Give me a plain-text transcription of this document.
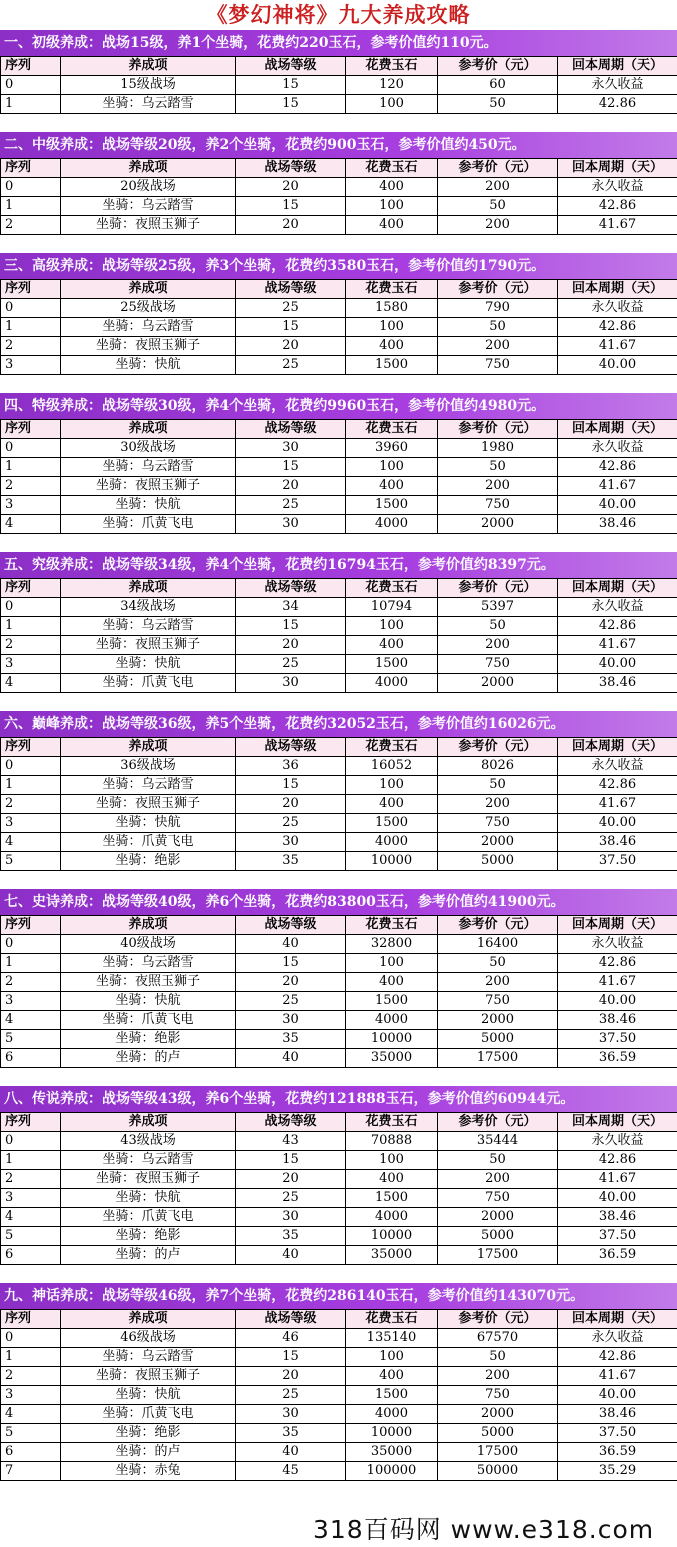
《梦幻神将》九大养成攻略
一、初级养成：战场15级，养1个坐骑，花费约220玉石，参考价值约110元。
序列	养成项	战场等级	花费玉石	参考价（元）	回本周期（天）
0	15级战场	15	120	60	永久收益
1	坐骑：乌云踏雪	15	100	50	42.86
二、中级养成：战场等级20级，养2个坐骑，花费约900玉石，参考价值约450元。
序列	养成项	战场等级	花费玉石	参考价（元）	回本周期（天）
0	20级战场	20	400	200	永久收益
1	坐骑：乌云踏雪	15	100	50	42.86
2	坐骑：夜照玉狮子	20	400	200	41.67
三、高级养成：战场等级25级，养3个坐骑，花费约3580玉石，参考价值约1790元。
序列	养成项	战场等级	花费玉石	参考价（元）	回本周期（天）
0	25级战场	25	1580	790	永久收益
1	坐骑：乌云踏雪	15	100	50	42.86
2	坐骑：夜照玉狮子	20	400	200	41.67
3	坐骑：快航	25	1500	750	40.00
四、特级养成：战场等级30级，养4个坐骑，花费约9960玉石，参考价值约4980元。
序列	养成项	战场等级	花费玉石	参考价（元）	回本周期（天）
0	30级战场	30	3960	1980	永久收益
1	坐骑：乌云踏雪	15	100	50	42.86
2	坐骑：夜照玉狮子	20	400	200	41.67
3	坐骑：快航	25	1500	750	40.00
4	坐骑：爪黄飞电	30	4000	2000	38.46
五、究级养成：战场等级34级，养4个坐骑，花费约16794玉石，参考价值约8397元。
序列	养成项	战场等级	花费玉石	参考价（元）	回本周期（天）
0	34级战场	34	10794	5397	永久收益
1	坐骑：乌云踏雪	15	100	50	42.86
2	坐骑：夜照玉狮子	20	400	200	41.67
3	坐骑：快航	25	1500	750	40.00
4	坐骑：爪黄飞电	30	4000	2000	38.46
六、巅峰养成：战场等级36级，养5个坐骑，花费约32052玉石，参考价值约16026元。
序列	养成项	战场等级	花费玉石	参考价（元）	回本周期（天）
0	36级战场	36	16052	8026	永久收益
1	坐骑：乌云踏雪	15	100	50	42.86
2	坐骑：夜照玉狮子	20	400	200	41.67
3	坐骑：快航	25	1500	750	40.00
4	坐骑：爪黄飞电	30	4000	2000	38.46
5	坐骑：绝影	35	10000	5000	37.50
七、史诗养成：战场等级40级，养6个坐骑，花费约83800玉石，参考价值约41900元。
序列	养成项	战场等级	花费玉石	参考价（元）	回本周期（天）
0	40级战场	40	32800	16400	永久收益
1	坐骑：乌云踏雪	15	100	50	42.86
2	坐骑：夜照玉狮子	20	400	200	41.67
3	坐骑：快航	25	1500	750	40.00
4	坐骑：爪黄飞电	30	4000	2000	38.46
5	坐骑：绝影	35	10000	5000	37.50
6	坐骑：的卢	40	35000	17500	36.59
八、传说养成：战场等级43级，养6个坐骑，花费约121888玉石，参考价值约60944元。
序列	养成项	战场等级	花费玉石	参考价（元）	回本周期（天）
0	43级战场	43	70888	35444	永久收益
1	坐骑：乌云踏雪	15	100	50	42.86
2	坐骑：夜照玉狮子	20	400	200	41.67
3	坐骑：快航	25	1500	750	40.00
4	坐骑：爪黄飞电	30	4000	2000	38.46
5	坐骑：绝影	35	10000	5000	37.50
6	坐骑：的卢	40	35000	17500	36.59
九、神话养成：战场等级46级，养7个坐骑，花费约286140玉石，参考价值约143070元。
序列	养成项	战场等级	花费玉石	参考价（元）	回本周期（天）
0	46级战场	46	135140	67570	永久收益
1	坐骑：乌云踏雪	15	100	50	42.86
2	坐骑：夜照玉狮子	20	400	200	41.67
3	坐骑：快航	25	1500	750	40.00
4	坐骑：爪黄飞电	30	4000	2000	38.46
5	坐骑：绝影	35	10000	5000	37.50
6	坐骑：的卢	40	35000	17500	36.59
7	坐骑：赤兔	45	100000	50000	35.29
318百码网 www.e318.com
